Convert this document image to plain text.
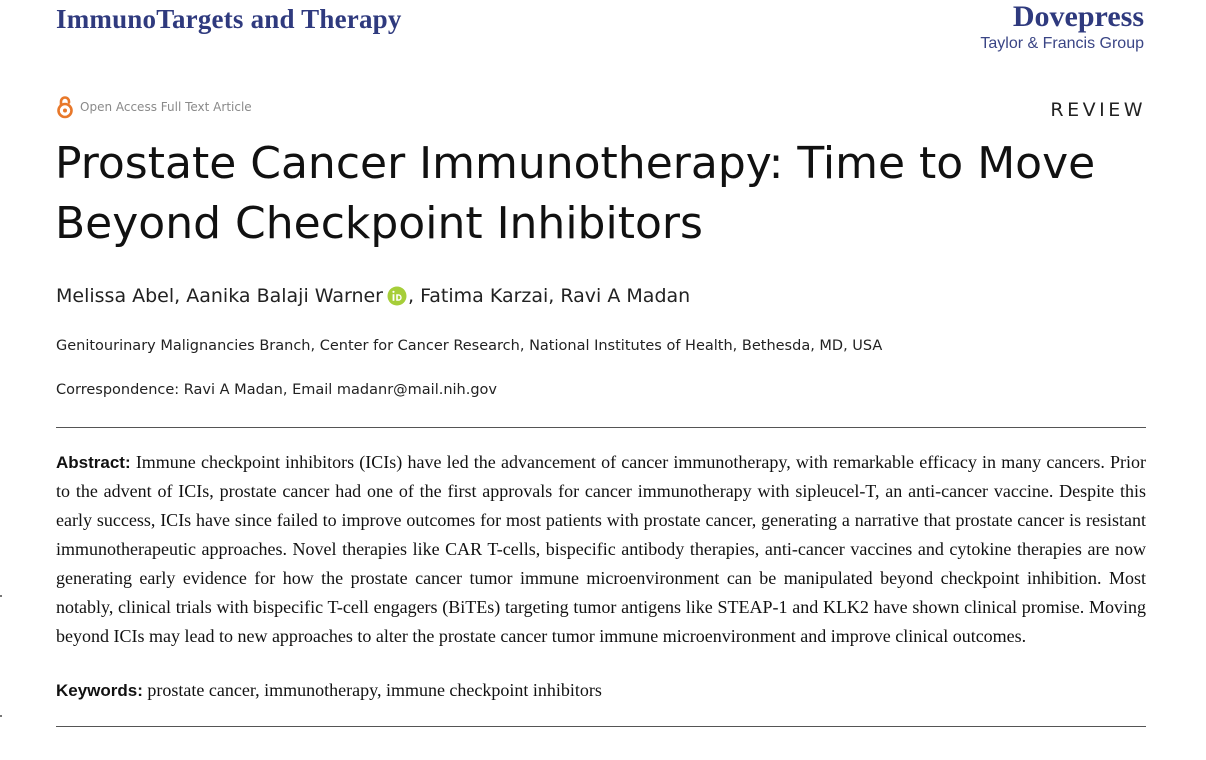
ImmunoTargets and Therapy	Dovepress
Taylor & Francis Group
Open Access Full Text Article	REVIEW
Prostate Cancer Immunotherapy: Time to Move Beyond Checkpoint Inhibitors
Melissa Abel , Aanika Balaji Warner , Fatima Karzai, Ravi A Madan
Genitourinary Malignancies Branch, Center for Cancer Research, National Institutes of Health, Bethesda, MD, USA
Correspondence: Ravi A Madan, Email madanr@mail.nih.gov

Abstract: Immune checkpoint inhibitors (ICIs) have led the advancement of cancer immunotherapy, with remarkable efficacy in many cancers. Prior to the advent of ICIs, prostate cancer had one of the first approvals for cancer immunotherapy with sipleucel-T, an anti-cancer vaccine. Despite this early success, ICIs have since failed to improve outcomes for most patients with prostate cancer, generating a narrative that prostate cancer is resistant immunotherapeutic approaches. Novel therapies like CAR T-cells, bispecific antibody therapies, anti-cancer vaccines and cytokine therapies are now generating early evidence for how the prostate cancer tumor immune microenvironment can be manipulated beyond checkpoint inhibition. Most notably, clinical trials with bispecific T-cell engagers (BiTEs) targeting tumor antigens like STEAP-1 and KLK2 have shown clinical promise. Moving beyond ICIs may lead to new approaches to alter the prostate cancer tumor immune microenvironment and improve clinical outcomes.

Keywords: prostate cancer, immunotherapy, immune checkpoint inhibitors
